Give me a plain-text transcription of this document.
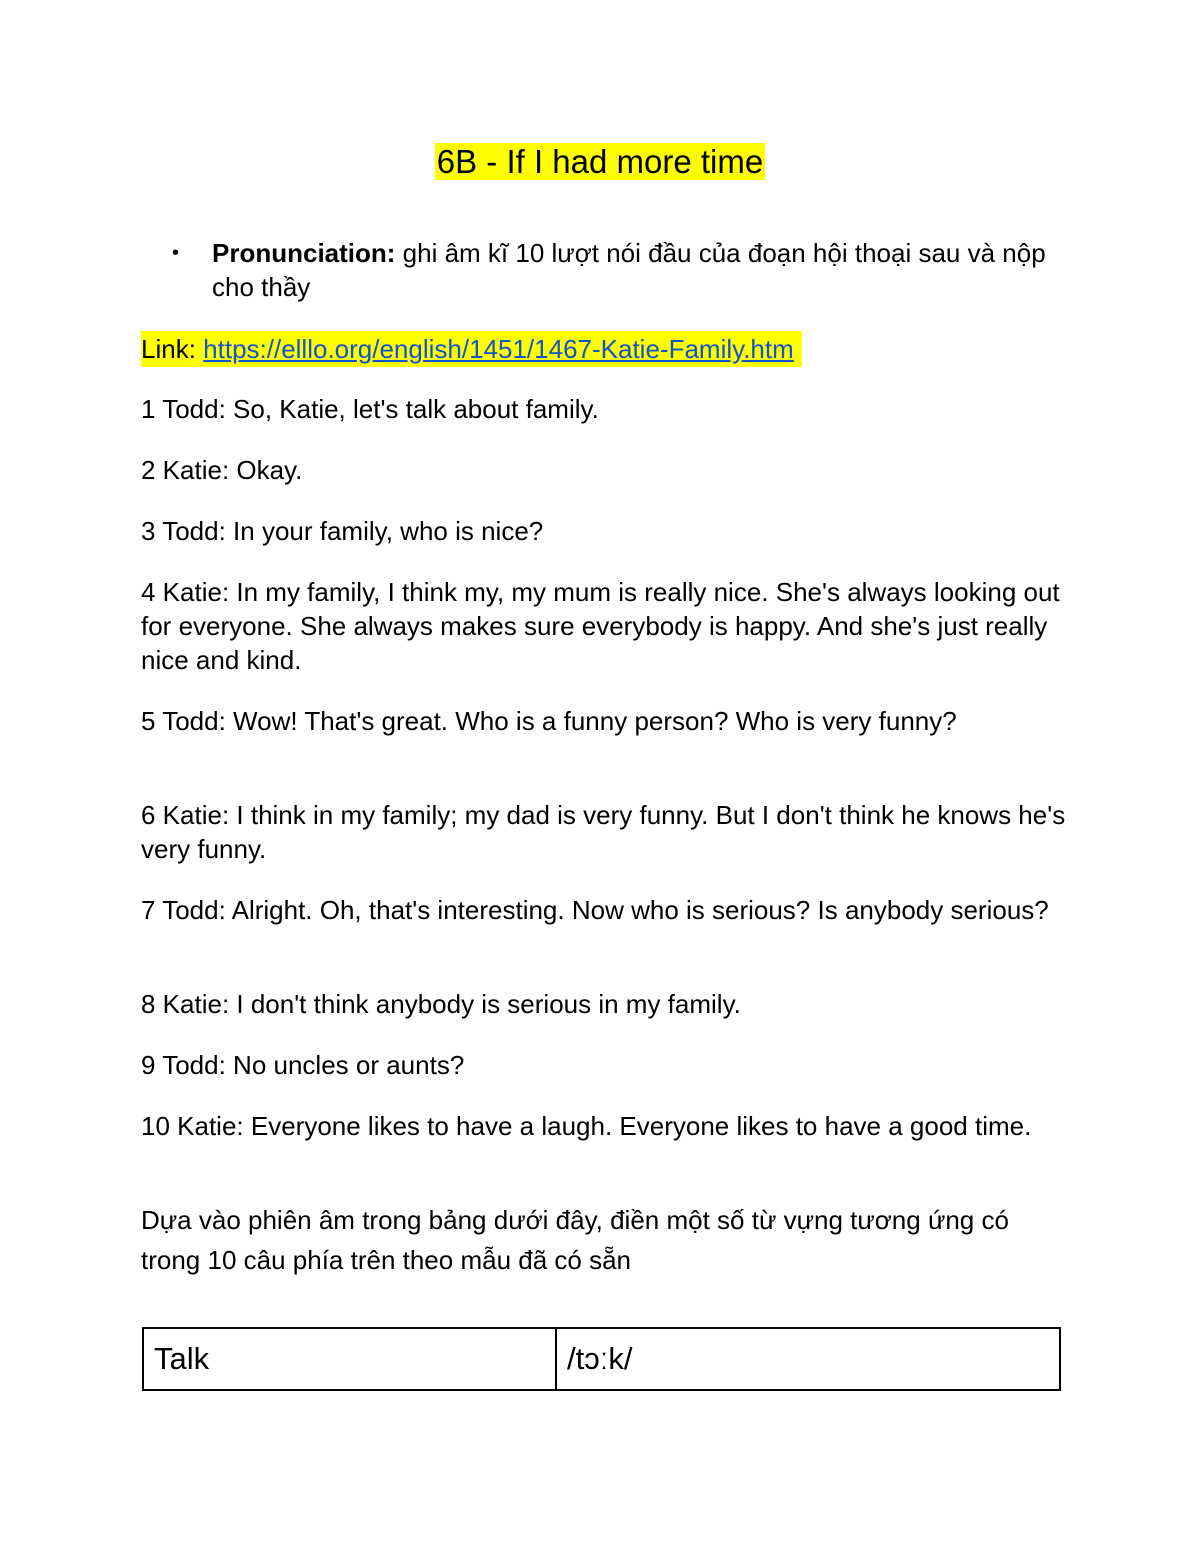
6B - If I had more time
• Pronunciation: ghi âm kĩ 10 lượt nói đầu của đoạn hội thoại sau và nộp cho thầy
Link: https://elllo.org/english/1451/1467-Katie-Family.htm
1 Todd: So, Katie, let's talk about family.
2 Katie: Okay.
3 Todd: In your family, who is nice?
4 Katie: In my family, I think my, my mum is really nice. She's always looking out for everyone. She always makes sure everybody is happy. And she's just really nice and kind.
5 Todd: Wow! That's great. Who is a funny person? Who is very funny?
6 Katie: I think in my family; my dad is very funny. But I don't think he knows he's very funny.
7 Todd: Alright. Oh, that's interesting. Now who is serious? Is anybody serious?
8 Katie: I don't think anybody is serious in my family.
9 Todd: No uncles or aunts?
10 Katie: Everyone likes to have a laugh. Everyone likes to have a good time.
Dựa vào phiên âm trong bảng dưới đây, điền một số từ vựng tương ứng có trong 10 câu phía trên theo mẫu đã có sẵn
Talk	/tɔːk/
